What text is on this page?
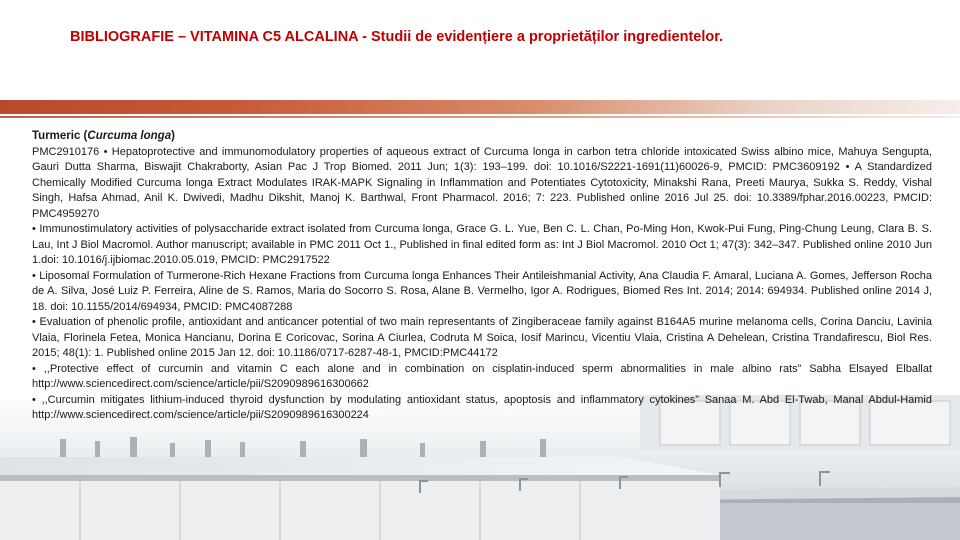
BIBLIOGRAFIE – VITAMINA C5 ALCALINA - Studii de evidențiere a proprietăților ingredientelor.

Turmeric (Curcuma longa)

PMC2910176 • Hepatoprotective and immunomodulatory properties of aqueous extract of Curcuma longa in carbon tetra chloride intoxicated Swiss albino mice, Mahuya Sengupta, Gauri Dutta Sharma, Biswajit Chakraborty, Asian Pac J Trop Biomed. 2011 Jun; 1(3): 193–199. doi: 10.1016/S2221-1691(11)60026-9, PMCID: PMC3609192 • A Standardized Chemically Modified Curcuma longa Extract Modulates IRAK-MAPK Signaling in Inflammation and Potentiates Cytotoxicity, Minakshi Rana, Preeti Maurya, Sukka S. Reddy, Vishal Singh, Hafsa Ahmad, Anil K. Dwivedi, Madhu Dikshit, Manoj K. Barthwal, Front Pharmacol. 2016; 7: 223. Published online 2016 Jul 25. doi: 10.3389/fphar.2016.00223, PMCID: PMC4959270

• Immunostimulatory activities of polysaccharide extract isolated from Curcuma longa, Grace G. L. Yue, Ben C. L. Chan, Po-Ming Hon, Kwok-Pui Fung, Ping-Chung Leung, Clara B. S. Lau, Int J Biol Macromol. Author manuscript; available in PMC 2011 Oct 1., Published in final edited form as: Int J Biol Macromol. 2010 Oct 1; 47(3): 342–347. Published online 2010 Jun 1.doi: 10.1016/j.ijbiomac.2010.05.019, PMCID: PMC2917522

• Liposomal Formulation of Turmerone-Rich Hexane Fractions from Curcuma longa Enhances Their Antileishmanial Activity, Ana Claudia F. Amaral, Luciana A. Gomes, Jefferson Rocha de A. Silva, José Luiz P. Ferreira, Aline de S. Ramos, Maria do Socorro S. Rosa, Alane B. Vermelho, Igor A. Rodrigues, Biomed Res Int. 2014; 2014: 694934. Published online 2014 J, 18. doi: 10.1155/2014/694934, PMCID: PMC4087288

• Evaluation of phenolic profile, antioxidant and anticancer potential of two main representants of Zingiberaceae family against B164A5 murine melanoma cells, Corina Danciu, Lavinia Vlaia, Florinela Fetea, Monica Hancianu, Dorina E Coricovac, Sorina A Ciurlea, Codruta M Soica, Iosif Marincu, Vicentiu Vlaia, Cristina A Dehelean, Cristina Trandafirescu, Biol Res. 2015; 48(1): 1. Published online 2015 Jan 12. doi: 10.1186/0717-6287-48-1, PMCID:PMC44172

• ,,Protective effect of curcumin and vitamin C each alone and in combination on cisplatin-induced sperm abnormalities in male albino rats” Sabha Elsayed Elballat http://www.sciencedirect.com/science/article/pii/S2090989616300662

• ,,Curcumin mitigates lithium-induced thyroid dysfunction by modulating antioxidant status, apoptosis and inflammatory cytokines” Sanaa M. Abd El-Twab, Manal Abdul-Hamid http://www.sciencedirect.com/science/article/pii/S2090989616300224
